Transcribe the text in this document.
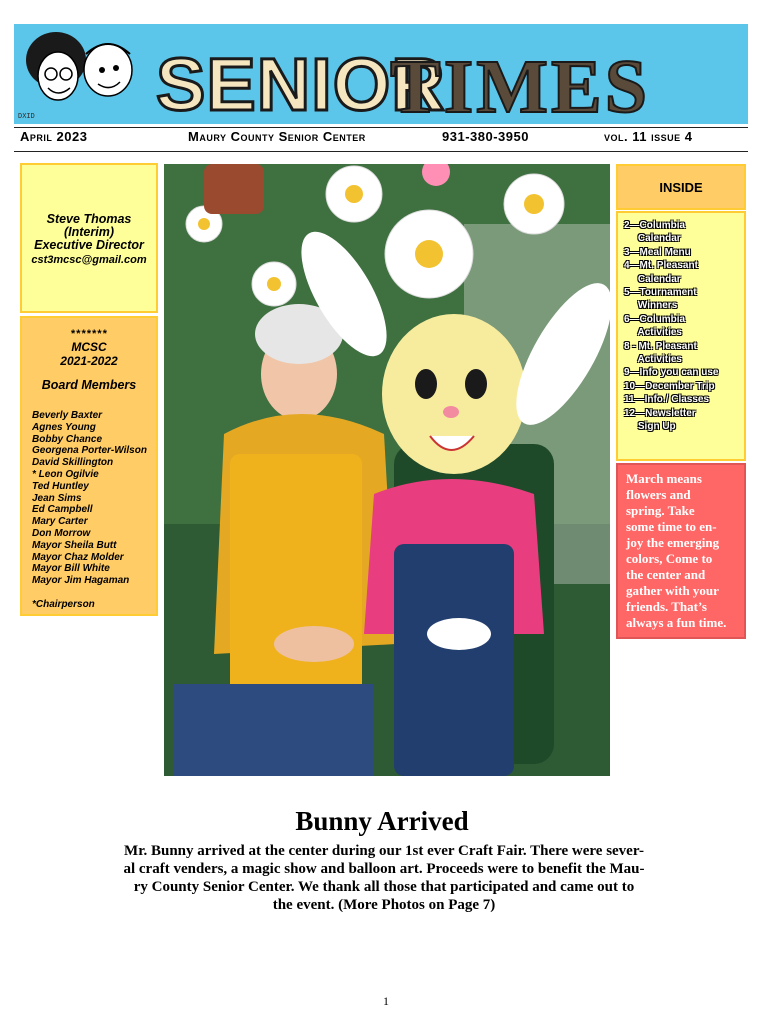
DXID SENIOR
TIMES
April 2023	Maury County Senior Center	931-380-3950	vol. 11 issue 4
Steve Thomas
(Interim)
Executive Director
cst3mcsc@gmail.com
*******
MCSC
2021-2022
Board Members
Beverly Baxter
Agnes Young
Bobby Chance
Georgena Porter-Wilson
David Skillington
* Leon Ogilvie
Ted Huntley
Jean Sims
Ed Campbell
Mary Carter
Don Morrow
Mayor Sheila Butt
Mayor Chaz Molder
Mayor Bill White
Mayor Jim Hagaman
*Chairperson
INSIDE
2—Columbia
Calendar
3—Meal Menu
4—Mt. Pleasant
Calendar
5—Tournament
Winners
6—Columbia
Activities
8 - Mt. Pleasant
Activities
9—Info you can use
10—December Trip
11—Info./ Classes
12—Newsletter
Sign Up
March means
flowers and
spring. Take
some time to en-
joy the emerging
colors, Come to
the center and
gather with your
friends. That’s
always a fun time.
Bunny Arrived
Mr. Bunny arrived at the center during our 1st ever Craft Fair. There were sever-
al craft venders, a magic show and balloon art. Proceeds were to benefit the Mau-
ry County Senior Center. We thank all those that participated and came out to
the event. (More Photos on Page 7)
1
